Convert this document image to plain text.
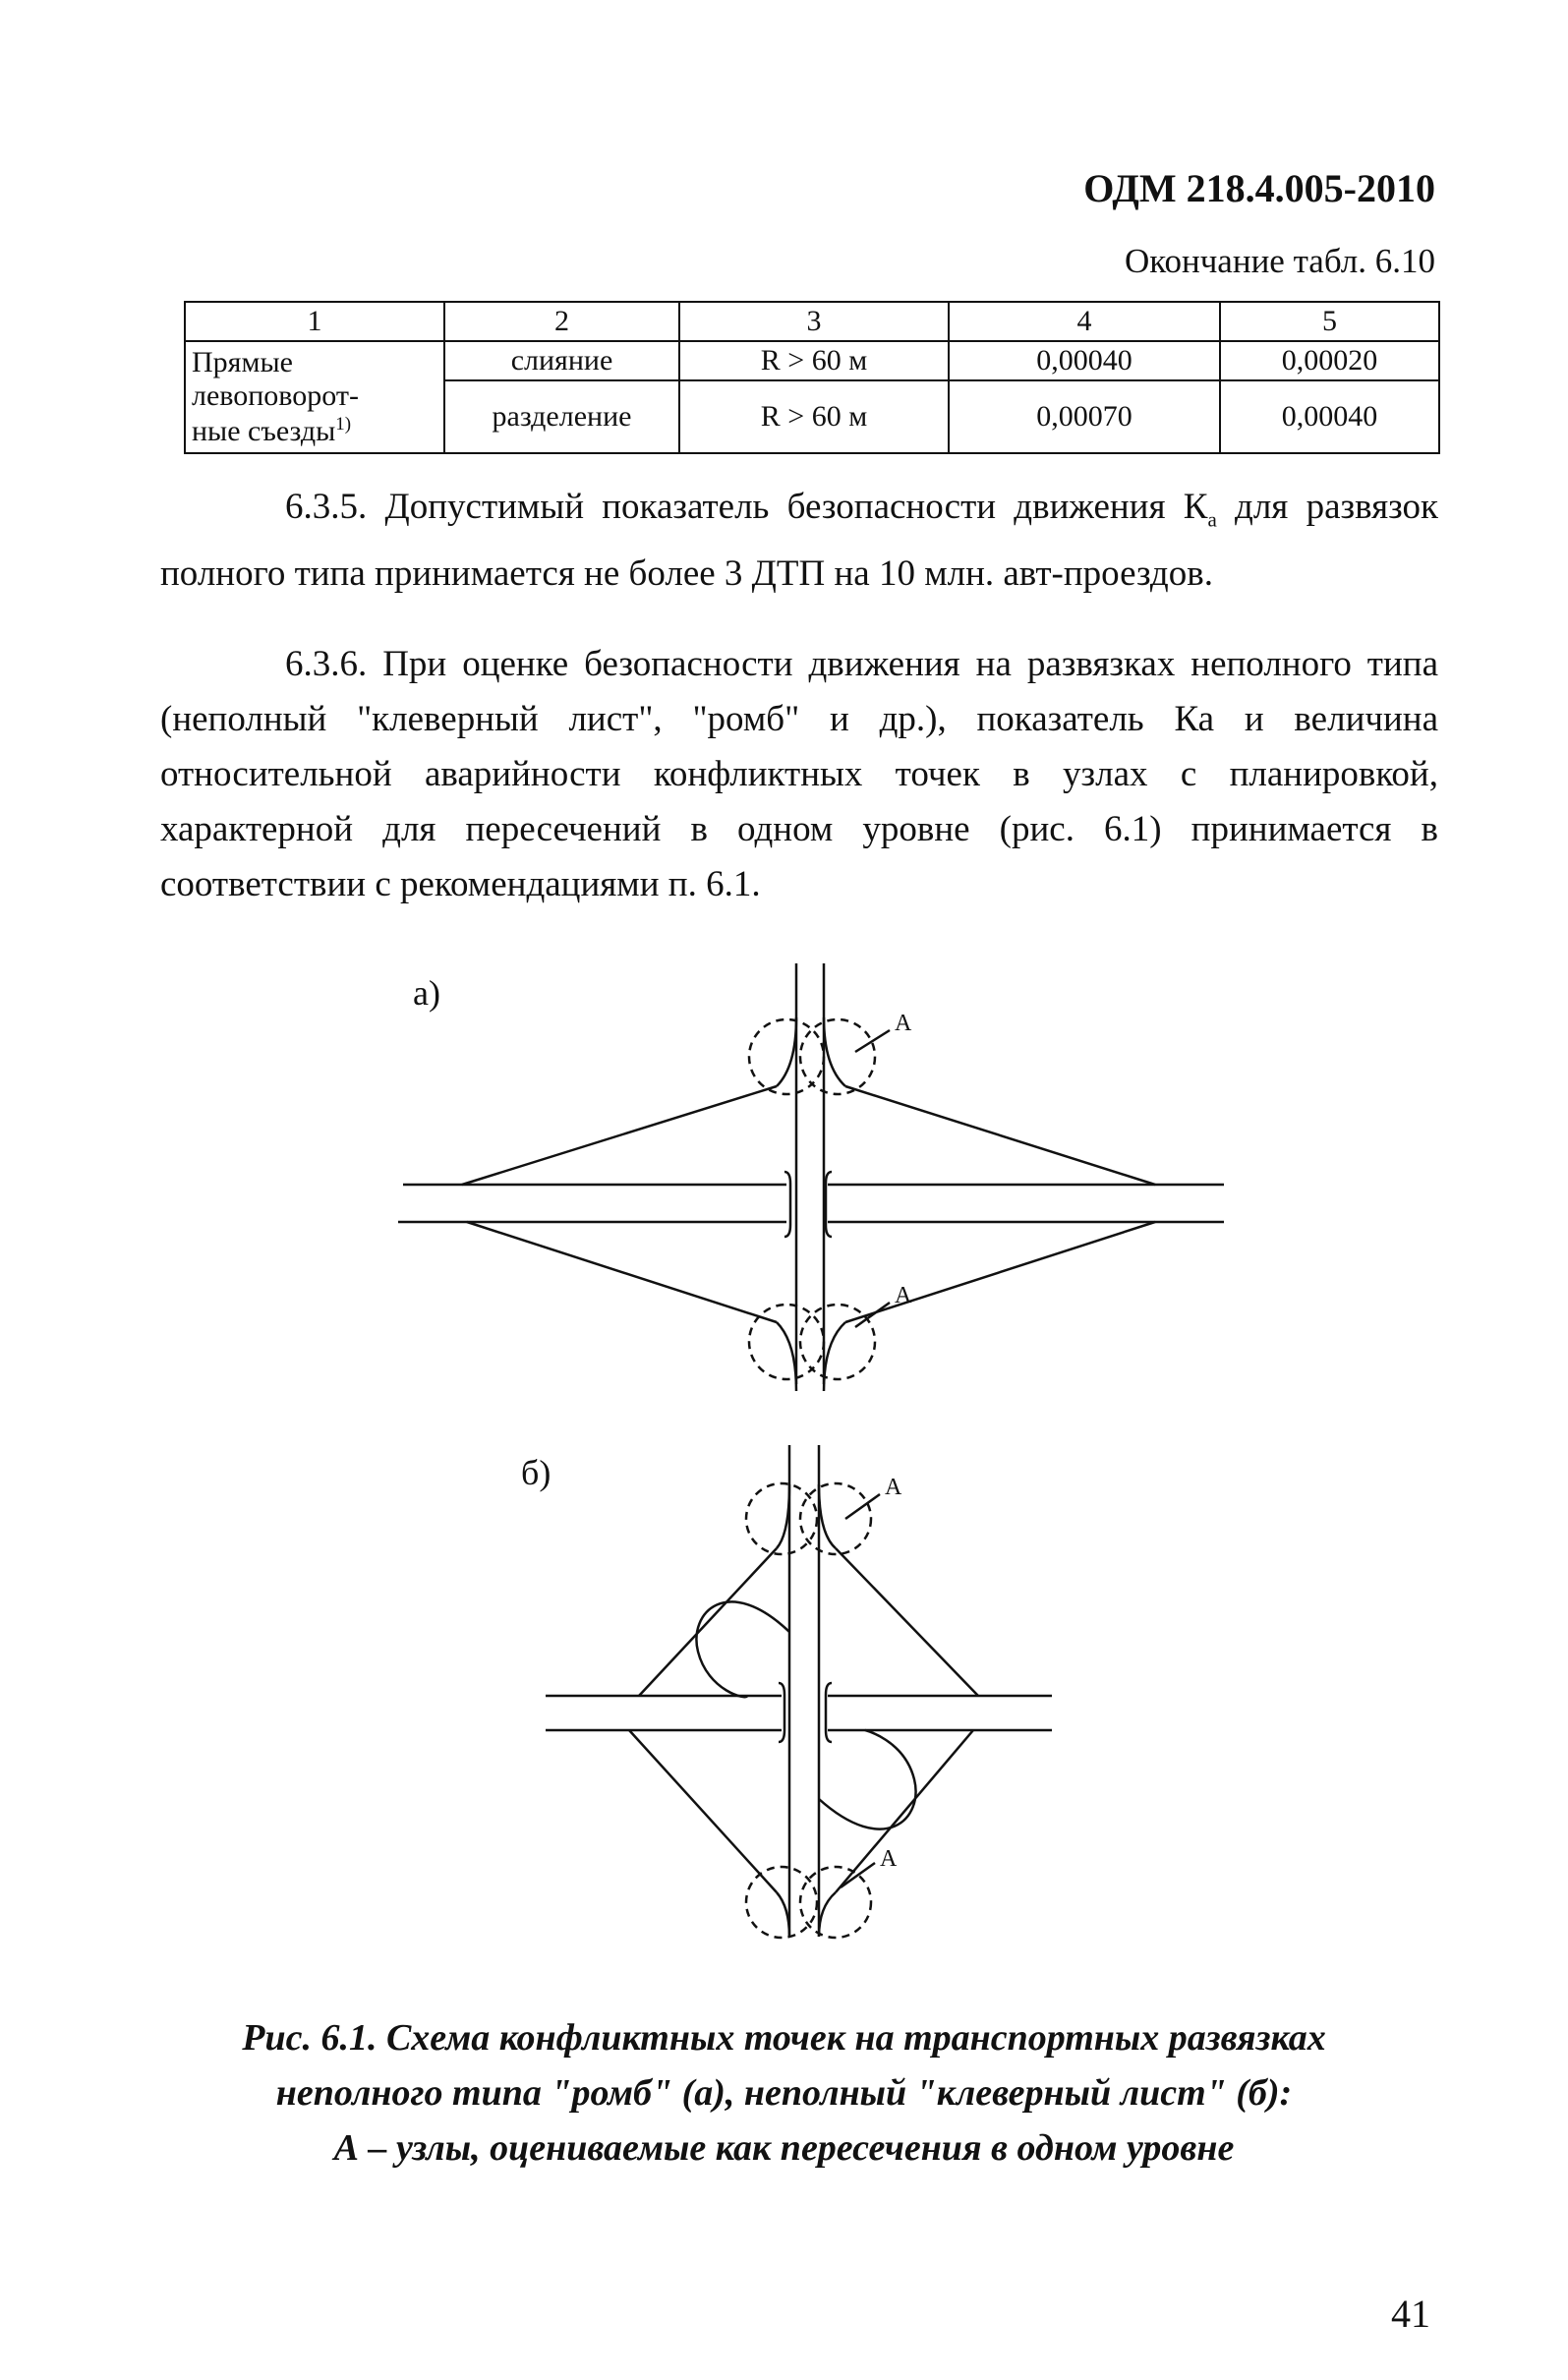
ОДМ 218.4.005-2010
Окончание табл. 6.10
1	2	3	4	5

Прямые
левоповорот-
ные съезды$^{1)}$	слияние	R > 60 м	0,00040	0,00020
	разделение	R > 60 м	0,00070	0,00040

6.3.5. Допустимый показатель безопасности движения $К_а$ для развязок полного типа принимается не более 3 ДТП на 10 млн. авт-проездов.

6.3.6. При оценке безопасности движения на развязках неполного типа (неполный "клеверный лист", "ромб" и др.), показатель Ка и величина относительной аварийности конфликтных точек в узлах с планировкой, характерной для пересечений в одном уровне (рис. 6.1) принимается в соответствии с рекомендациями п. 6.1.

а)
А
А
б)	А
А
Рис. 6.1. Схема конфликтных точек на транспортных развязках
неполного типа "ромб" (а), неполный "клеверный лист" (б):
А – узлы, оцениваемые как пересечения в одном уровне
41
